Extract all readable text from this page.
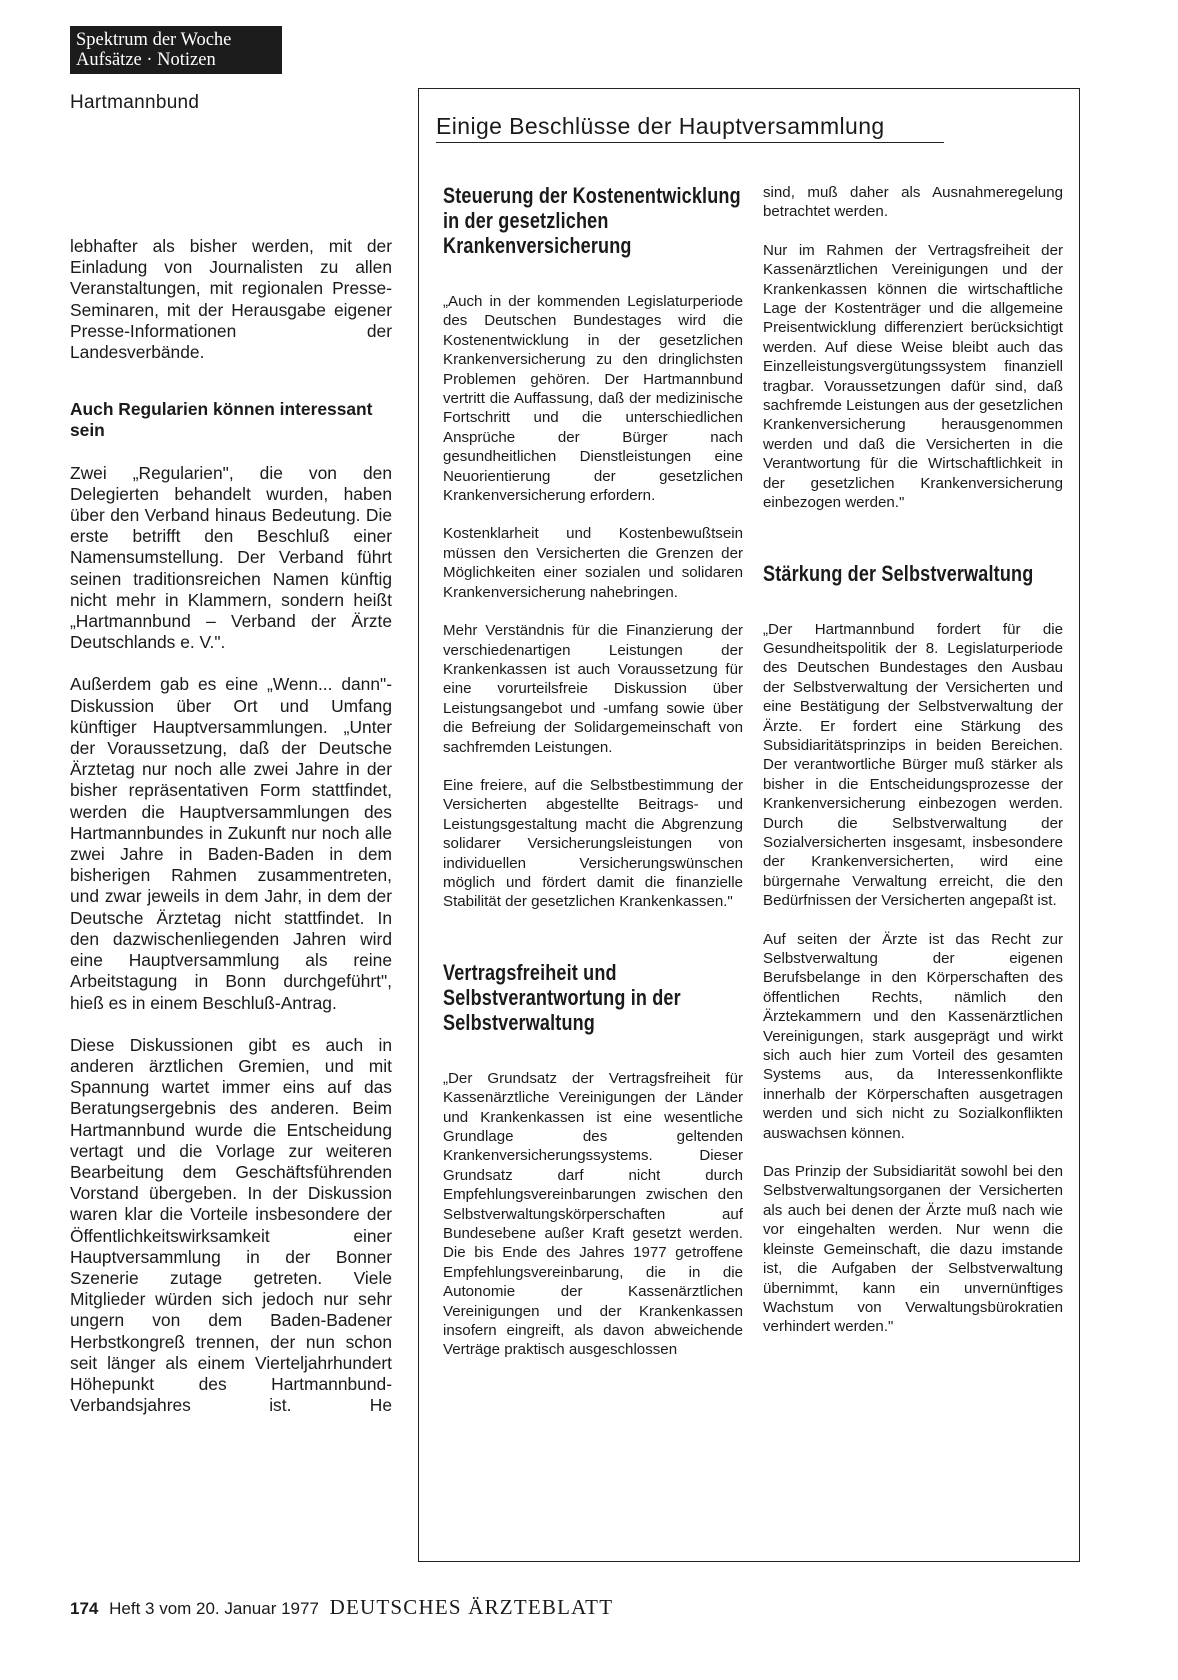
Spektrum der Woche
Aufsätze · Notizen
Hartmannbund

lebhafter als bisher werden, mit der Einladung von Journalisten zu allen Veranstaltungen, mit regionalen Presse-Seminaren, mit der Herausgabe eigener Presse-Informationen der Landesverbände.

Auch Regularien können interessant sein

Zwei „Regularien", die von den Delegierten behandelt wurden, haben über den Verband hinaus Bedeutung. Die erste betrifft den Beschluß einer Namensumstellung. Der Verband führt seinen traditionsreichen Namen künftig nicht mehr in Klammern, sondern heißt „Hartmannbund – Verband der Ärzte Deutschlands e. V.".

Außerdem gab es eine „Wenn... dann"-Diskussion über Ort und Umfang künftiger Hauptversammlungen. „Unter der Voraussetzung, daß der Deutsche Ärztetag nur noch alle zwei Jahre in der bisher repräsentativen Form stattfindet, werden die Hauptversammlungen des Hartmannbundes in Zukunft nur noch alle zwei Jahre in Baden-Baden in dem bisherigen Rahmen zusammentreten, und zwar jeweils in dem Jahr, in dem der Deutsche Ärztetag nicht stattfindet. In den dazwischenliegenden Jahren wird eine Hauptversammlung als reine Arbeitstagung in Bonn durchgeführt", hieß es in einem Beschluß-Antrag.

Diese Diskussionen gibt es auch in anderen ärztlichen Gremien, und mit Spannung wartet immer eins auf das Beratungsergebnis des anderen. Beim Hartmannbund wurde die Entscheidung vertagt und die Vorlage zur weiteren Bearbeitung dem Geschäftsführenden Vorstand übergeben. In der Diskussion waren klar die Vorteile insbesondere der Öffentlichkeitswirksamkeit einer Hauptversammlung in der Bonner Szenerie zutage getreten. Viele Mitglieder würden sich jedoch nur sehr ungern von dem Baden-Badener Herbstkongreß trennen, der nun schon seit länger als einem Vierteljahrhundert Höhepunkt des Hartmannbund-Verbandsjahres ist. He

Einige Beschlüsse der Hauptversammlung
Steuerung der Kostenentwicklung in der gesetzlichen Krankenversicherung

„Auch in der kommenden Legislaturperiode des Deutschen Bundestages wird die Kostenentwicklung in der gesetzlichen Krankenversicherung zu den dringlichsten Problemen gehören. Der Hartmannbund vertritt die Auffassung, daß der medizinische Fortschritt und die unterschiedlichen Ansprüche der Bürger nach gesundheitlichen Dienstleistungen eine Neuorientierung der gesetzlichen Krankenversicherung erfordern.

Kostenklarheit und Kostenbewußtsein müssen den Versicherten die Grenzen der Möglichkeiten einer sozialen und solidaren Krankenversicherung nahebringen.

Mehr Verständnis für die Finanzierung der verschiedenartigen Leistungen der Krankenkassen ist auch Voraussetzung für eine vorurteilsfreie Diskussion über Leistungsangebot und -umfang sowie über die Befreiung der Solidargemeinschaft von sachfremden Leistungen.

Eine freiere, auf die Selbstbestimmung der Versicherten abgestellte Beitrags- und Leistungsgestaltung macht die Abgrenzung solidarer Versicherungsleistungen von individuellen Versicherungswünschen möglich und fördert damit die finanzielle Stabilität der gesetzlichen Krankenkassen."

Vertragsfreiheit und Selbstverantwortung in der Selbstverwaltung

„Der Grundsatz der Vertragsfreiheit für Kassenärztliche Vereinigungen der Länder und Krankenkassen ist eine wesentliche Grundlage des geltenden Krankenversicherungssystems. Dieser Grundsatz darf nicht durch Empfehlungsvereinbarungen zwischen den Selbstverwaltungskörperschaften auf Bundesebene außer Kraft gesetzt werden. Die bis Ende des Jahres 1977 getroffene Empfehlungsvereinbarung, die in die Autonomie der Kassenärztlichen Vereinigungen und der Krankenkassen insofern eingreift, als davon abweichende Verträge praktisch ausgeschlossen

sind, muß daher als Ausnahmeregelung betrachtet werden.

Nur im Rahmen der Vertragsfreiheit der Kassenärztlichen Vereinigungen und der Krankenkassen können die wirtschaftliche Lage der Kostenträger und die allgemeine Preisentwicklung differenziert berücksichtigt werden. Auf diese Weise bleibt auch das Einzelleistungsvergütungssystem finanziell tragbar. Voraussetzungen dafür sind, daß sachfremde Leistungen aus der gesetzlichen Krankenversicherung herausgenommen werden und daß die Versicherten in die Verantwortung für die Wirtschaftlichkeit in der gesetzlichen Krankenversicherung einbezogen werden."

Stärkung der Selbstverwaltung

„Der Hartmannbund fordert für die Gesundheitspolitik der 8. Legislaturperiode des Deutschen Bundestages den Ausbau der Selbstverwaltung der Versicherten und eine Bestätigung der Selbstverwaltung der Ärzte. Er fordert eine Stärkung des Subsidiaritätsprinzips in beiden Bereichen. Der verantwortliche Bürger muß stärker als bisher in die Entscheidungsprozesse der Krankenversicherung einbezogen werden. Durch die Selbstverwaltung der Sozialversicherten insgesamt, insbesondere der Krankenversicherten, wird eine bürgernahe Verwaltung erreicht, die den Bedürfnissen der Versicherten angepaßt ist.

Auf seiten der Ärzte ist das Recht zur Selbstverwaltung der eigenen Berufsbelange in den Körperschaften des öffentlichen Rechts, nämlich den Ärztekammern und den Kassenärztlichen Vereinigungen, stark ausgeprägt und wirkt sich auch hier zum Vorteil des gesamten Systems aus, da Interessenkonflikte innerhalb der Körperschaften ausgetragen werden und sich nicht zu Sozialkonflikten auswachsen können.

Das Prinzip der Subsidiarität sowohl bei den Selbstverwaltungsorganen der Versicherten als auch bei denen der Ärzte muß nach wie vor eingehalten werden. Nur wenn die kleinste Gemeinschaft, die dazu imstande ist, die Aufgaben der Selbstverwaltung übernimmt, kann ein unvernünftiges Wachstum von Verwaltungsbürokratien verhindert werden."

174 Heft 3 vom 20. Januar 1977 DEUTSCHES ÄRZTEBLATT
